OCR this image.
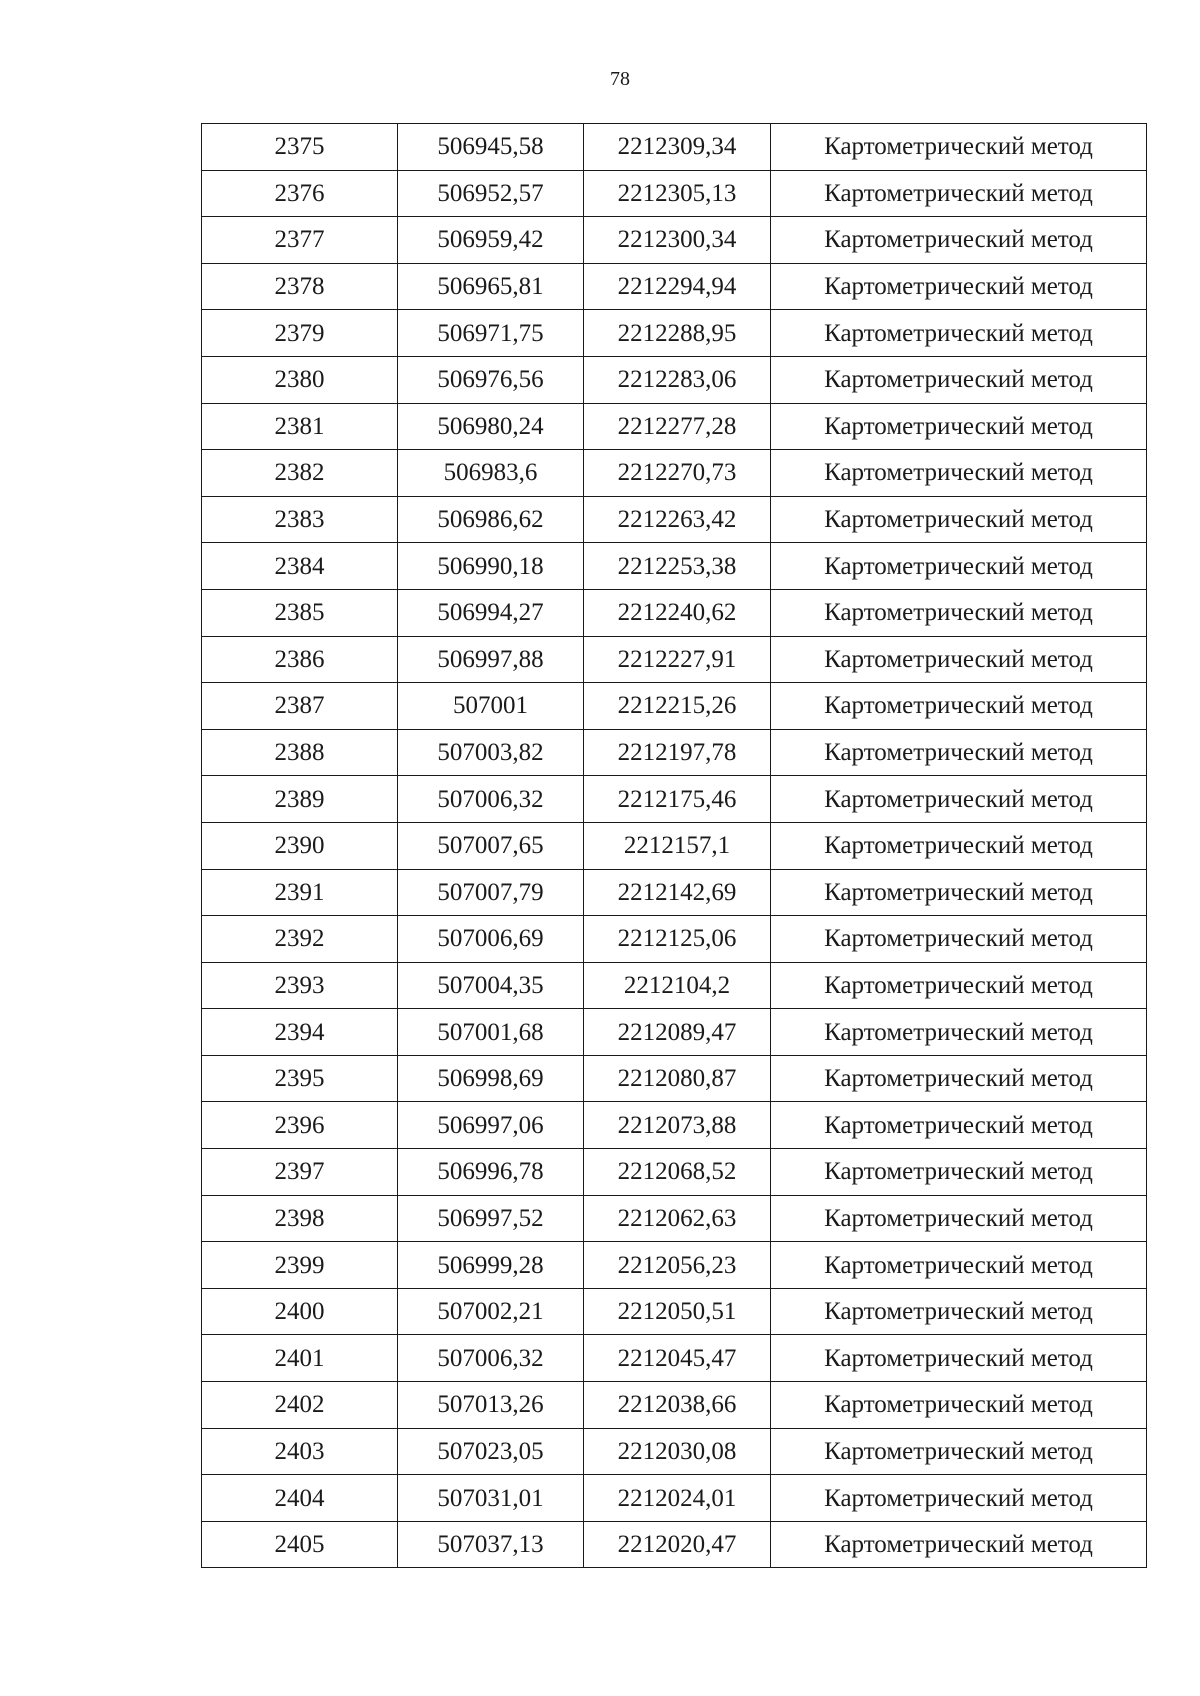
78
2375	506945,58	2212309,34	Картометрический метод
2376	506952,57	2212305,13	Картометрический метод
2377	506959,42	2212300,34	Картометрический метод
2378	506965,81	2212294,94	Картометрический метод
2379	506971,75	2212288,95	Картометрический метод
2380	506976,56	2212283,06	Картометрический метод
2381	506980,24	2212277,28	Картометрический метод
2382	506983,6	2212270,73	Картометрический метод
2383	506986,62	2212263,42	Картометрический метод
2384	506990,18	2212253,38	Картометрический метод
2385	506994,27	2212240,62	Картометрический метод
2386	506997,88	2212227,91	Картометрический метод
2387	507001	2212215,26	Картометрический метод
2388	507003,82	2212197,78	Картометрический метод
2389	507006,32	2212175,46	Картометрический метод
2390	507007,65	2212157,1	Картометрический метод
2391	507007,79	2212142,69	Картометрический метод
2392	507006,69	2212125,06	Картометрический метод
2393	507004,35	2212104,2	Картометрический метод
2394	507001,68	2212089,47	Картометрический метод
2395	506998,69	2212080,87	Картометрический метод
2396	506997,06	2212073,88	Картометрический метод
2397	506996,78	2212068,52	Картометрический метод
2398	506997,52	2212062,63	Картометрический метод
2399	506999,28	2212056,23	Картометрический метод
2400	507002,21	2212050,51	Картометрический метод
2401	507006,32	2212045,47	Картометрический метод
2402	507013,26	2212038,66	Картометрический метод
2403	507023,05	2212030,08	Картометрический метод
2404	507031,01	2212024,01	Картометрический метод
2405	507037,13	2212020,47	Картометрический метод
